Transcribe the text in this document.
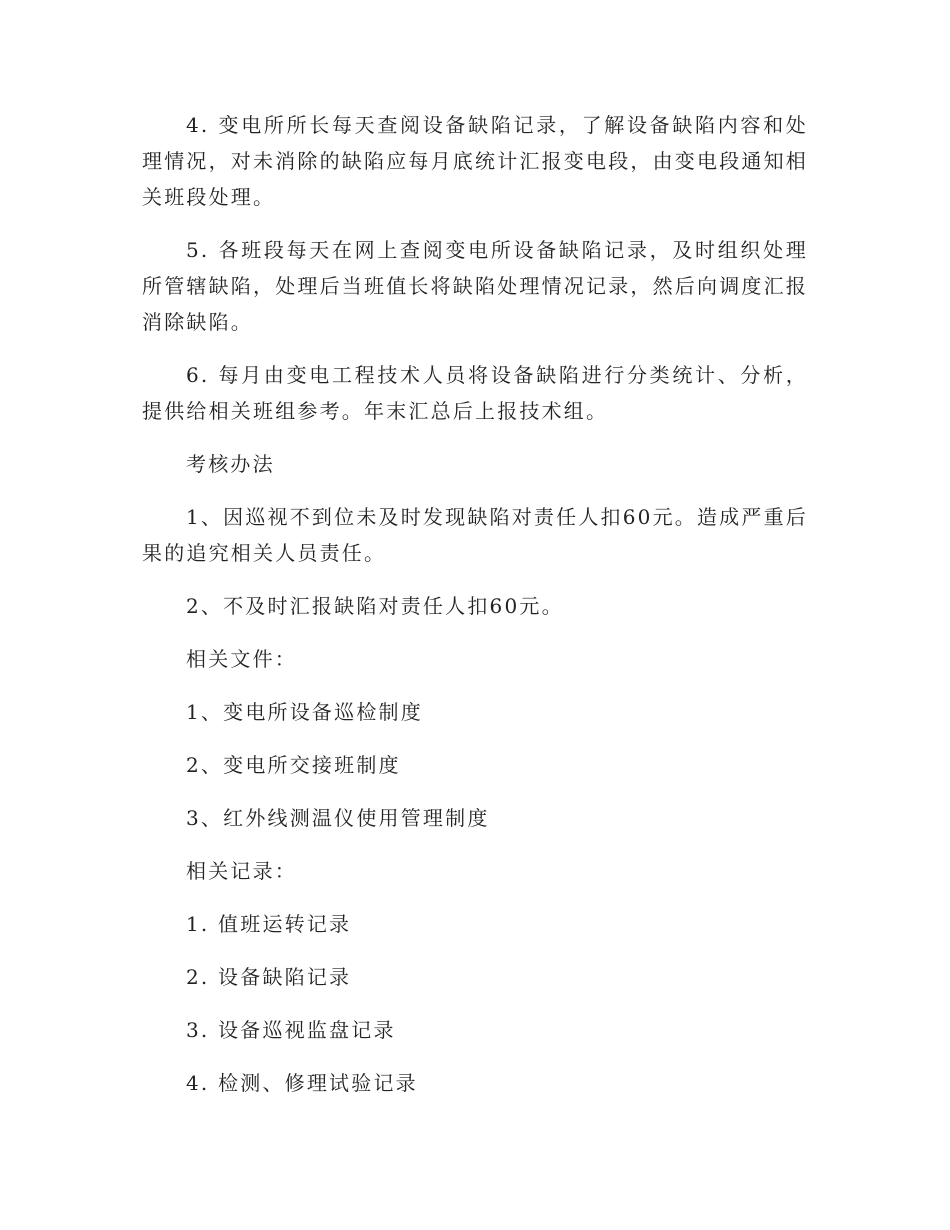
4. 变电所所长每天查阅设备缺陷记录，了解设备缺陷内容和处理情况，对未消除的缺陷应每月底统计汇报变电段，由变电段通知相关班段处理。

5. 各班段每天在网上查阅变电所设备缺陷记录，及时组织处理所管辖缺陷，处理后当班值长将缺陷处理情况记录，然后向调度汇报消除缺陷。

6. 每月由变电工程技术人员将设备缺陷进行分类统计、分析，提供给相关班组参考。年末汇总后上报技术组。

考核办法

1、因巡视不到位未及时发现缺陷对责任人扣60元。造成严重后果的追究相关人员责任。

2、不及时汇报缺陷对责任人扣60元。

相关文件：

1、变电所设备巡检制度

2、变电所交接班制度

3、红外线测温仪使用管理制度

相关记录：

1. 值班运转记录

2. 设备缺陷记录

3. 设备巡视监盘记录

4. 检测、修理试验记录
